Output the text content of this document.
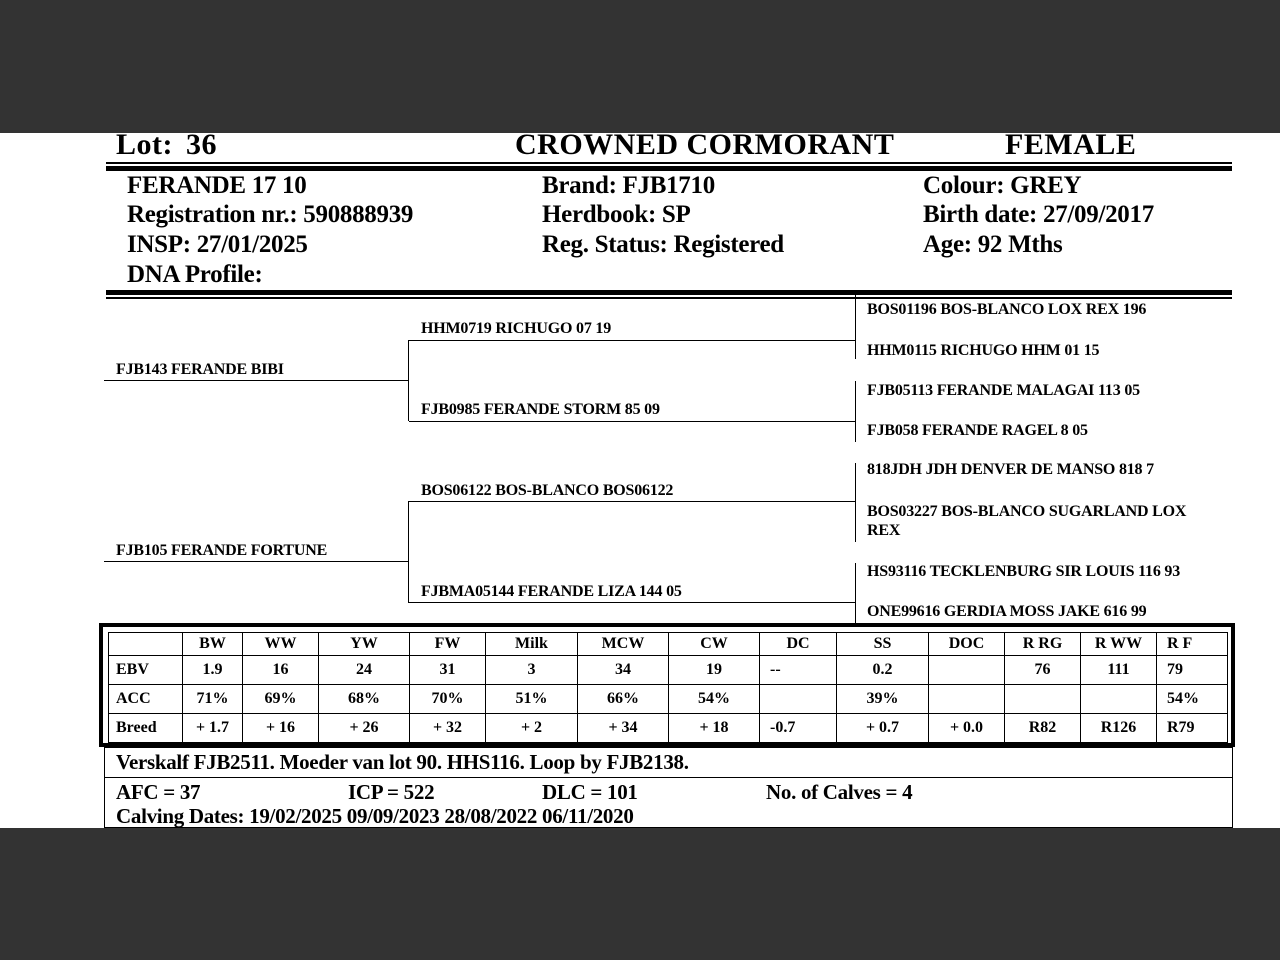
Lot: 36	CROWNED CORMORANT	FEMALE
FERANDE 17 10
Registration nr.: 590888939
INSP: 27/01/2025
DNA Profile:
Brand: FJB1710
Herdbook: SP
Reg. Status: Registered
Colour: GREY
Birth date: 27/09/2017
Age: 92 Mths
FJB143 FERANDE BIBI
FJB105 FERANDE FORTUNE
HHM0719 RICHUGO 07 19
FJB0985 FERANDE STORM 85 09
BOS06122 BOS-BLANCO BOS06122
FJBMA05144 FERANDE LIZA 144 05
BOS01196 BOS-BLANCO LOX REX 196
HHM0115 RICHUGO HHM 01 15
FJB05113 FERANDE MALAGAI 113 05
FJB058 FERANDE RAGEL 8 05
818JDH JDH DENVER DE MANSO 818 7
BOS03227 BOS-BLANCO SUGARLAND LOX
REX
HS93116 TECKLENBURG SIR LOUIS 116 93
ONE99616 GERDIA MOSS JAKE 616 99
	BW	WW	YW	FW	Milk	MCW	CW	DC	SS	DOC	R RG	R WW	R F
EBV	1.9	16	24	31	3	34	19	--	0.2		76	111	79
ACC	71%	69%	68%	70%	51%	66%	54%		39%				54%
Breed	+ 1.7	+ 16	+ 26	+ 32	+ 2	+ 34	+ 18	-0.7	+ 0.7	+ 0.0	R82	R126	R79
Verskalf FJB2511. Moeder van lot 90. HHS116. Loop by FJB2138.
AFC = 37	ICP = 522	DLC = 101	No. of Calves = 4
Calving Dates: 19/02/2025 09/09/2023 28/08/2022 06/11/2020
